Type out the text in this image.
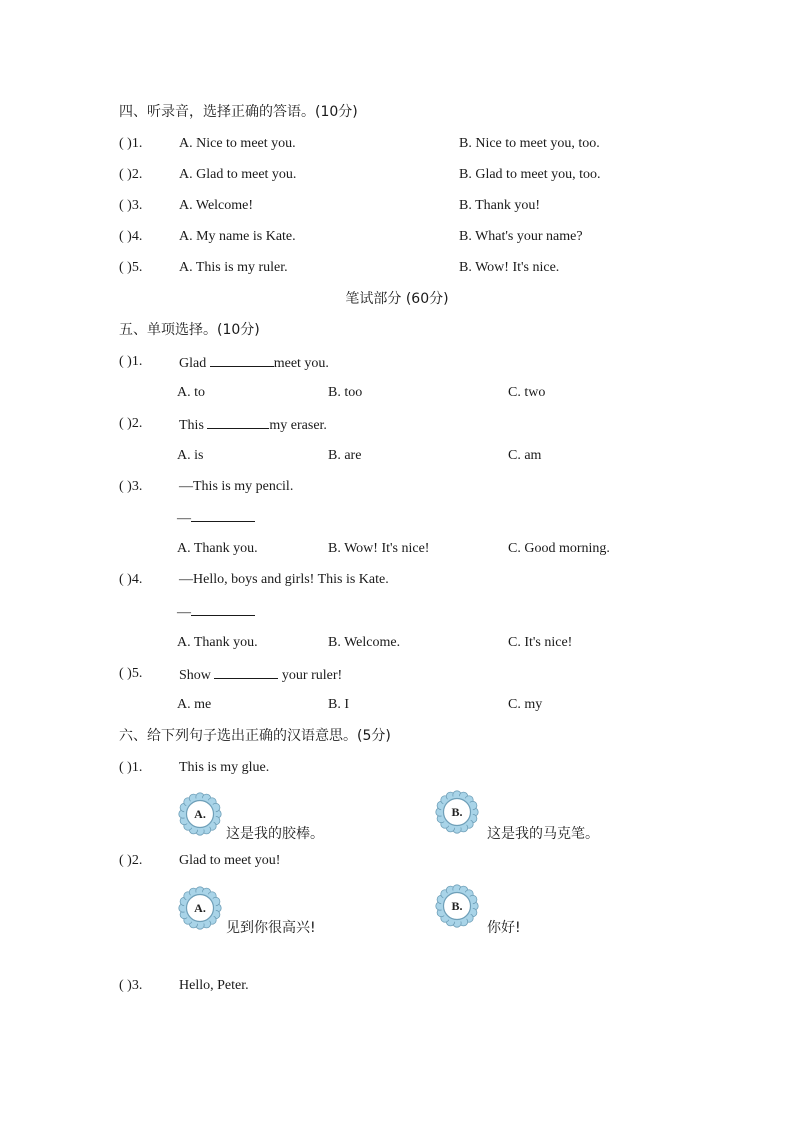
四、听录音，选择正确的答语。(10分)
( )1.	A. Nice to meet you.	B. Nice to meet you, too.
( )2.	A. Glad to meet you.	B. Glad to meet you, too.
( )3.	A. Welcome!	B. Thank you!
( )4.	A. My name is Kate.	B. What's your name?
( )5.	A. This is my ruler.	B. Wow! It's nice.
笔试部分 (60分)
五、单项选择。(10分)
( )1.	Glad	meet you.
A. to	B. too	C. two
( )2.	This	my eraser.
A. is	B. are	C. am
( )3.	—This is my pencil.
—
A. Thank you.	B. Wow! It's nice!	C. Good morning.
( )4.	—Hello, boys and girls! This is Kate.
—
A. Thank you.	B. Welcome.	C. It's nice!
( )5.	Show	your ruler!
A. me	B. I	C. my
六、给下列句子选出正确的汉语意思。(5分)
( )1.	This is my glue.
A.
这是我的胶棒。
B.
这是我的马克笔。
( )2.	Glad to meet you!
A.
见到你很高兴!
B.
你好!
( )3.	Hello, Peter.
